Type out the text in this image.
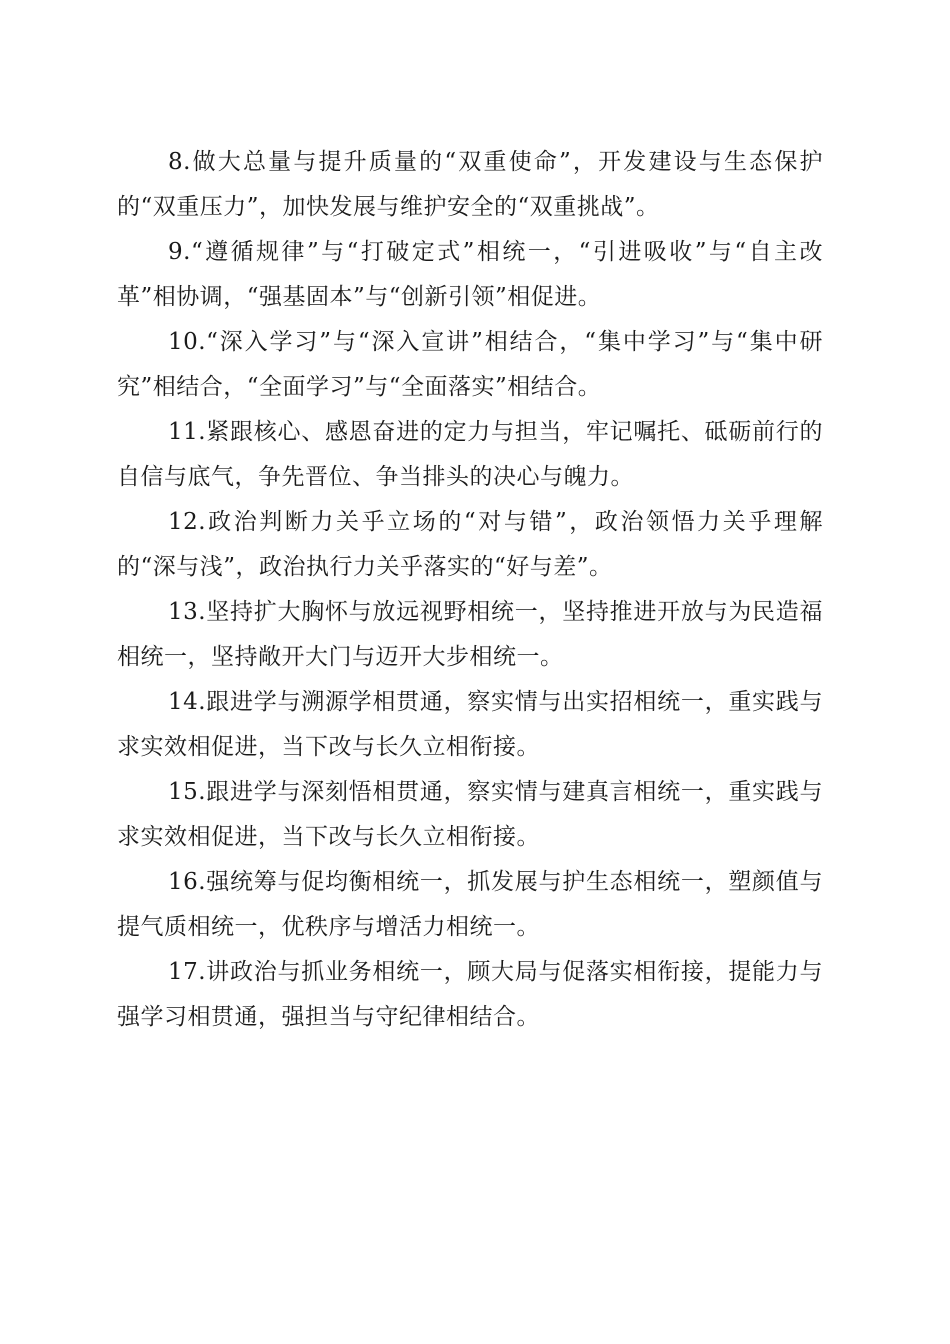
8.做大总量与提升质量的“双重使命”，开发建设与生态保护的“双重压力”，加快发展与维护安全的“双重挑战”。

9.“遵循规律”与“打破定式”相统一，“引进吸收”与“自主改革”相协调，“强基固本”与“创新引领”相促进。

10.“深入学习”与“深入宣讲”相结合，“集中学习”与“集中研究”相结合，“全面学习”与“全面落实”相结合。

11.紧跟核心、感恩奋进的定力与担当，牢记嘱托、砥砺前行的自信与底气，争先晋位、争当排头的决心与魄力。

12.政治判断力关乎立场的“对与错”，政治领悟力关乎理解的“深与浅”，政治执行力关乎落实的“好与差”。

13.坚持扩大胸怀与放远视野相统一，坚持推进开放与为民造福相统一，坚持敞开大门与迈开大步相统一。

14.跟进学与溯源学相贯通，察实情与出实招相统一，重实践与求实效相促进，当下改与长久立相衔接。

15.跟进学与深刻悟相贯通，察实情与建真言相统一，重实践与求实效相促进，当下改与长久立相衔接。

16.强统筹与促均衡相统一，抓发展与护生态相统一，塑颜值与提气质相统一，优秩序与增活力相统一。

17.讲政治与抓业务相统一，顾大局与促落实相衔接，提能力与强学习相贯通，强担当与守纪律相结合。
